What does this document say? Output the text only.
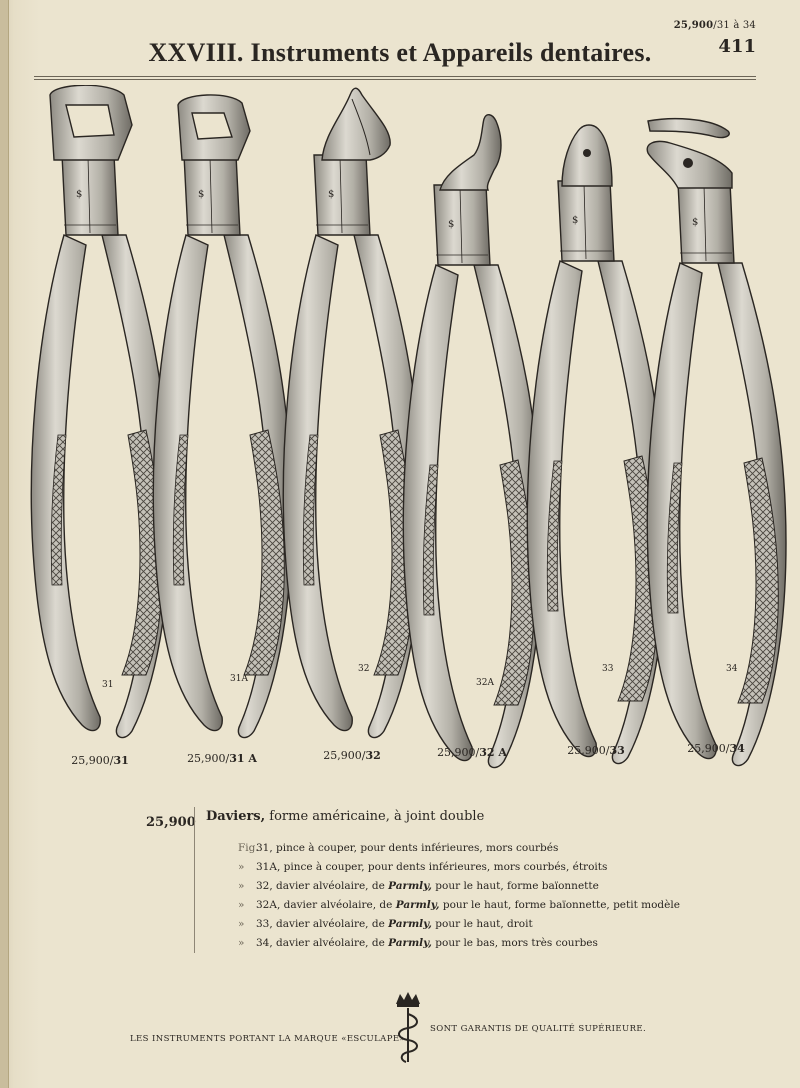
25,900/31 à 34
411
XXVIII. Instruments et Appareils dentaires.
31
31A
32
32A
33	34
25,900/31	25,900/31 A	25,900/32	25,900/32 A	25,900/33	25,900/34
25,900 Daviers, forme américaine, à joint double
Fig.31, pince à couper, pour dents inférieures, mors courbés
» 31A, pince à couper, pour dents inférieures, mors courbés, étroits
» 32, davier alvéolaire, de Parmly, pour le haut, forme baïonnette
» 32A, davier alvéolaire, de Parmly, pour le haut, forme baïonnette, petit modèle
» 33, davier alvéolaire, de Parmly, pour le haut, droit
» 34, davier alvéolaire, de Parmly, pour le bas, mors très courbes
LES INSTRUMENTS PORTANT LA MARQUE «ESCULAPE»
SONT GARANTIS DE QUALITÉ SUPÉRIEURE.
